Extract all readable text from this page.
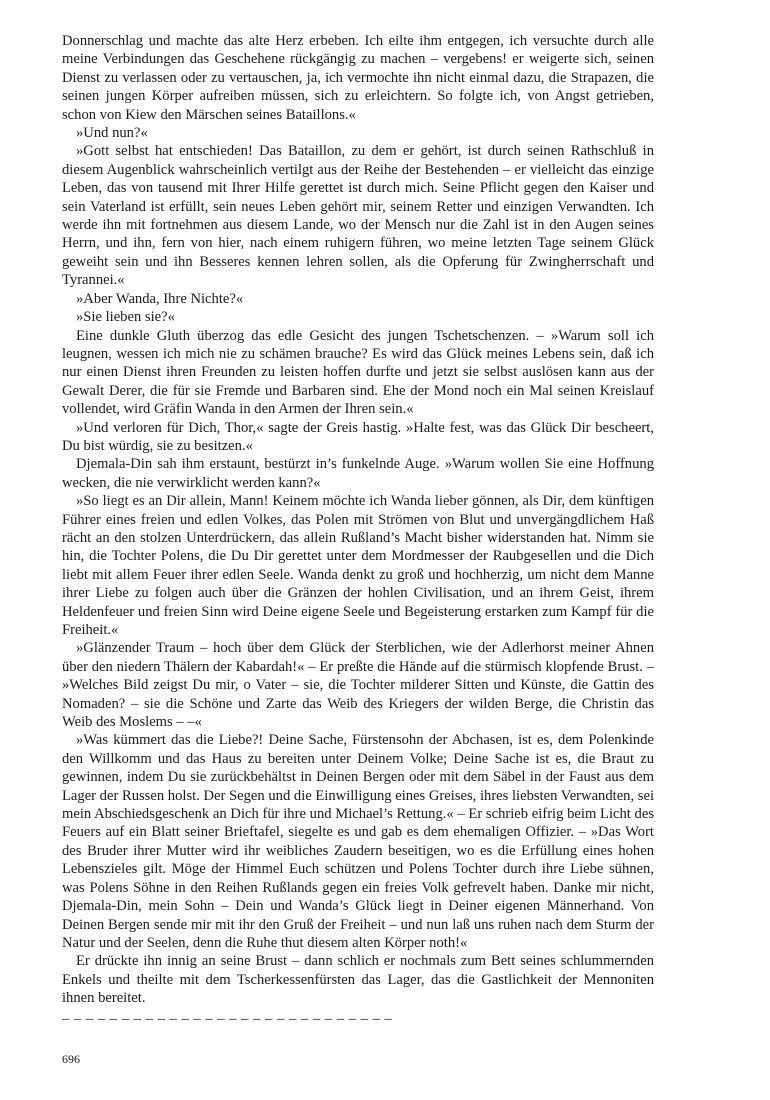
Donnerschlag und machte das alte Herz erbeben. Ich eilte ihm entgegen, ich versuchte durch alle meine Verbindungen das Geschehene rückgängig zu machen – vergebens! er weigerte sich, seinen Dienst zu verlassen oder zu vertauschen, ja, ich vermochte ihn nicht einmal dazu, die Strapazen, die seinen jungen Körper aufreiben müssen, sich zu erleichtern. So folgte ich, von Angst getrieben, schon von Kiew den Märschen seines Bataillons.«

»Und nun?«

»Gott selbst hat entschieden! Das Bataillon, zu dem er gehört, ist durch seinen Rathschluß in diesem Augenblick wahrscheinlich vertilgt aus der Reihe der Bestehenden – er vielleicht das einzige Leben, das von tausend mit Ihrer Hilfe gerettet ist durch mich. Seine Pflicht gegen den Kaiser und sein Vaterland ist erfüllt, sein neues Leben gehört mir, seinem Retter und einzigen Verwandten. Ich werde ihn mit fortnehmen aus diesem Lande, wo der Mensch nur die Zahl ist in den Augen seines Herrn, und ihn, fern von hier, nach einem ruhigern führen, wo meine letzten Tage seinem Glück geweiht sein und ihn Besseres kennen lehren sollen, als die Opferung für Zwingherrschaft und Tyrannei.«

»Aber Wanda, Ihre Nichte?«

»Sie lieben sie?«

Eine dunkle Gluth überzog das edle Gesicht des jungen Tschetschenzen. – »Warum soll ich leugnen, wessen ich mich nie zu schämen brauche? Es wird das Glück meines Lebens sein, daß ich nur einen Dienst ihren Freunden zu leisten hoffen durfte und jetzt sie selbst auslösen kann aus der Gewalt Derer, die für sie Fremde und Barbaren sind. Ehe der Mond noch ein Mal seinen Kreislauf vollendet, wird Gräfin Wanda in den Armen der Ihren sein.«

»Und verloren für Dich, Thor,« sagte der Greis hastig. »Halte fest, was das Glück Dir bescheert, Du bist würdig, sie zu besitzen.«

Djemala-Din sah ihm erstaunt, bestürzt in’s funkelnde Auge. »Warum wollen Sie eine Hoffnung wecken, die nie verwirklicht werden kann?«

»So liegt es an Dir allein, Mann! Keinem möchte ich Wanda lieber gönnen, als Dir, dem künftigen Führer eines freien und edlen Volkes, das Polen mit Strömen von Blut und unvergängdlichem Haß rächt an den stolzen Unterdrückern, das allein Rußland’s Macht bisher widerstanden hat. Nimm sie hin, die Tochter Polens, die Du Dir gerettet unter dem Mordmesser der Raubgesellen und die Dich liebt mit allem Feuer ihrer edlen Seele. Wanda denkt zu groß und hochherzig, um nicht dem Manne ihrer Liebe zu folgen auch über die Gränzen der hohlen Civilisation, und an ihrem Geist, ihrem Heldenfeuer und freien Sinn wird Deine eigene Seele und Begeisterung erstarken zum Kampf für die Freiheit.«

»Glänzender Traum – hoch über dem Glück der Sterblichen, wie der Adlerhorst meiner Ahnen über den niedern Thälern der Kabardah!« – Er preßte die Hände auf die stürmisch klopfende Brust. – »Welches Bild zeigst Du mir, o Vater – sie, die Tochter milderer Sitten und Künste, die Gattin des Nomaden? – sie die Schöne und Zarte das Weib des Kriegers der wilden Berge, die Christin das Weib des Moslems – –«

»Was kümmert das die Liebe?! Deine Sache, Fürstensohn der Abchasen, ist es, dem Polenkinde den Willkomm und das Haus zu bereiten unter Deinem Volke; Deine Sache ist es, die Braut zu gewinnen, indem Du sie zurückbehältst in Deinen Bergen oder mit dem Säbel in der Faust aus dem Lager der Russen holst. Der Segen und die Einwilligung eines Greises, ihres liebsten Verwandten, sei mein Abschiedsgeschenk an Dich für ihre und Michael’s Rettung.« – Er schrieb eifrig beim Licht des Feuers auf ein Blatt seiner Brieftafel, siegelte es und gab es dem ehemaligen Offizier. – »Das Wort des Bruder ihrer Mutter wird ihr weibliches Zaudern beseitigen, wo es die Erfüllung eines hohen Lebenszieles gilt. Möge der Himmel Euch schützen und Polens Tochter durch ihre Liebe sühnen, was Polens Söhne in den Reihen Rußlands gegen ein freies Volk gefrevelt haben. Danke mir nicht, Djemala-Din, mein Sohn – Dein und Wanda’s Glück liegt in Deiner eigenen Männerhand. Von Deinen Bergen sende mir mit ihr den Gruß der Freiheit – und nun laß uns ruhen nach dem Sturm der Natur und der Seelen, denn die Ruhe thut diesem alten Körper noth!«

Er drückte ihn innig an seine Brust – dann schlich er nochmals zum Bett seines schlummernden Enkels und theilte mit dem Tscherkessenfürsten das Lager, das die Gastlichkeit der Mennoniten ihnen bereitet.

– – – – – – – – – – – – – – – – – – – – – – – – – – – –
696
